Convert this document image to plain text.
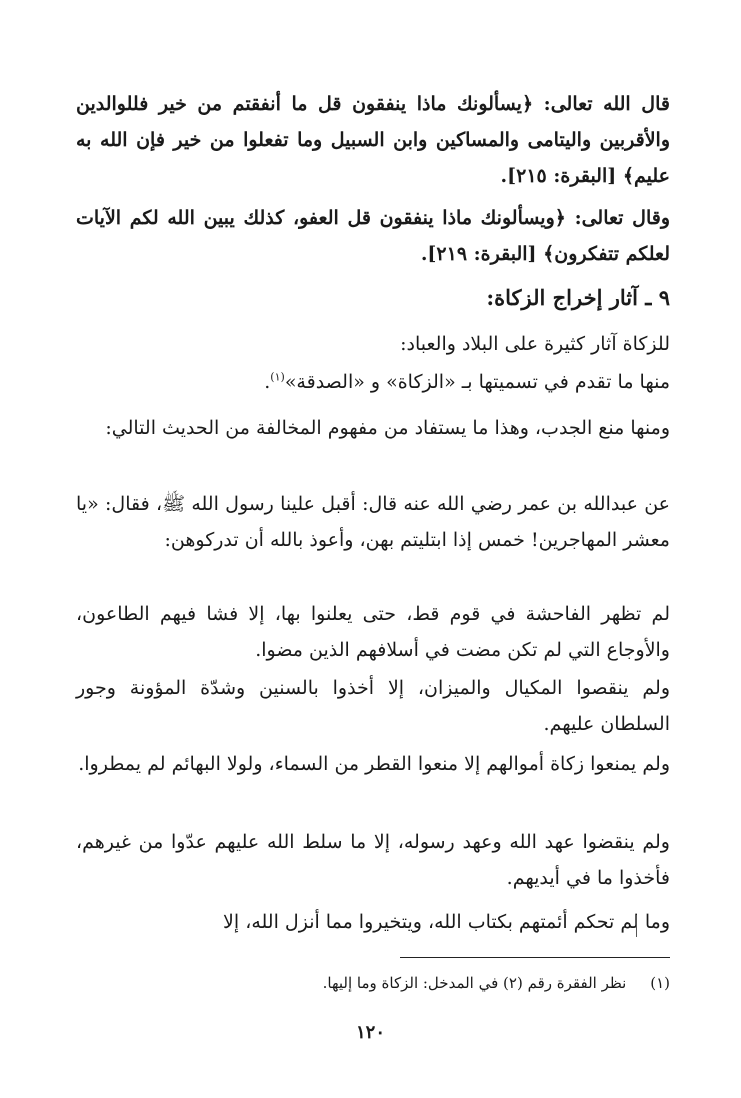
قال الله تعالى: ﴿يسألونك ماذا ينفقون قل ما أنفقتم من خير فللوالدين والأقربين واليتامى والمساكين وابن السبيل وما تفعلوا من خير فإن الله به عليم﴾ [البقرة: ٢١٥].
وقال تعالى: ﴿ويسألونك ماذا ينفقون قل العفو، كذلك يبين الله لكم الآيات لعلكم تتفكرون﴾ [البقرة: ٢١٩].
٩ ـ آثار إخراج الزكاة:
للزكاة آثار كثيرة على البلاد والعباد:
منها ما تقدم في تسميتها بـ «الزكاة» و «الصدقة»$^{(١)}$.
ومنها منع الجدب، وهذا ما يستفاد من مفهوم المخالفة من الحديث التالي:
عن عبدالله بن عمر رضي الله عنه قال: أقبل علينا رسول الله ﷺ، فقال: «يا معشر المهاجرين! خمس إذا ابتليتم بهن، وأعوذ بالله أن تدركوهن:
لم تظهر الفاحشة في قوم قط، حتى يعلنوا بها، إلا فشا فيهم الطاعون، والأوجاع التي لم تكن مضت في أسلافهم الذين مضوا.
ولم ينقصوا المكيال والميزان، إلا أخذوا بالسنين وشدّة المؤونة وجور السلطان عليهم.
ولم يمنعوا زكاة أموالهم إلا منعوا القطر من السماء، ولولا البهائم لم يمطروا.
ولم ينقضوا عهد الله وعهد رسوله، إلا ما سلط الله عليهم عدّوا من غيرهم، فأخذوا ما في أيديهم.
وما لم تحكم أئمتهم بكتاب الله، ويتخيروا مما أنزل الله، إلا
(١)     نظر الفقرة رقم (٢) في المدخل: الزكاة وما إليها.
١٢٠
